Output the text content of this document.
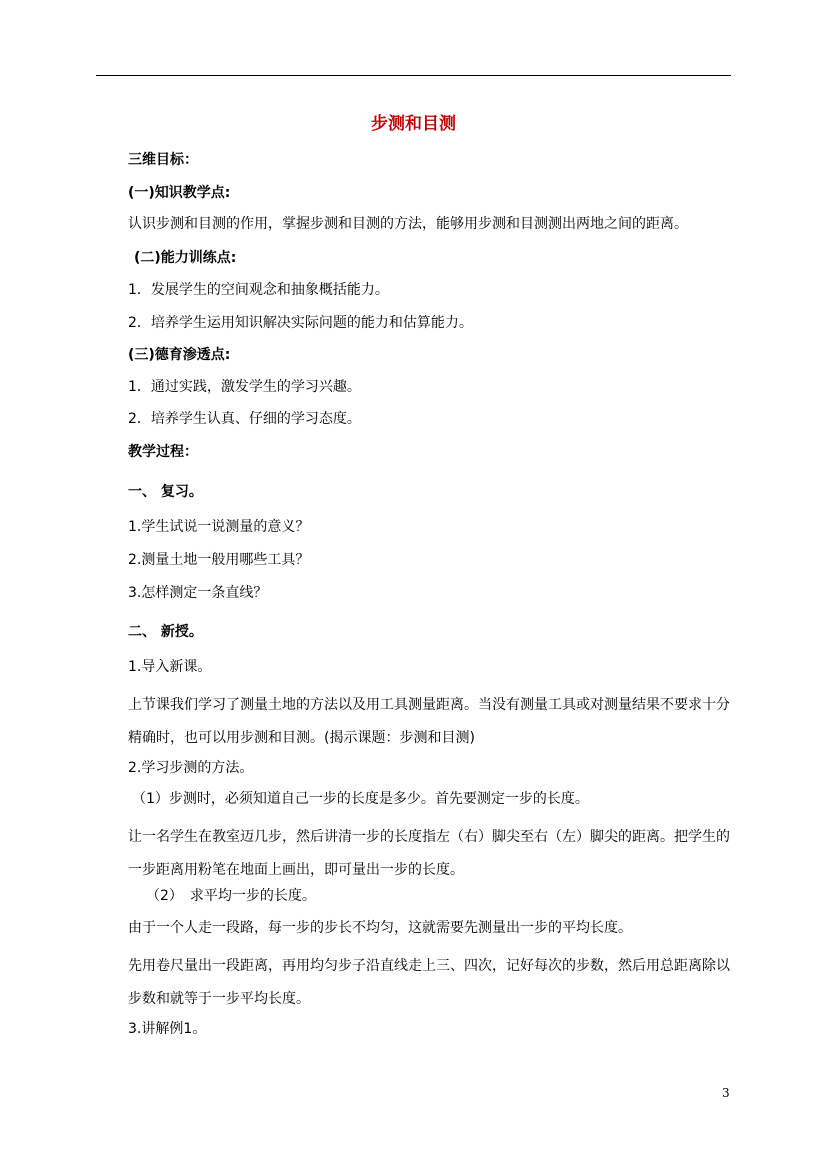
步测和目测
三维目标：
(一)知识教学点:
认识步测和目测的作用，掌握步测和目测的方法，能够用步测和目测测出两地之间的距离。
(二)能力训练点:
1．发展学生的空间观念和抽象概括能力。
2．培养学生运用知识解决实际问题的能力和估算能力。
(三)德育渗透点:
1．通过实践，激发学生的学习兴趣。
2．培养学生认真、仔细的学习态度。
教学过程：
一、 复习。
1.学生试说一说测量的意义？
2.测量土地一般用哪些工具？
3.怎样测定一条直线？
二、 新授。
1.导入新课。
上节课我们学习了测量土地的方法以及用工具测量距离。当没有测量工具或对测量结果不要求十分精确时，也可以用步测和目测。(揭示课题：步测和目测)
2.学习步测的方法。
（1）步测时，必须知道自己一步的长度是多少。首先要测定一步的长度。
让一名学生在教室迈几步，然后讲清一步的长度指左（右）脚尖至右（左）脚尖的距离。把学生的一步距离用粉笔在地面上画出，即可量出一步的长度。
（2）　求平均一步的长度。
由于一个人走一段路，每一步的步长不均匀，这就需要先测量出一步的平均长度。
先用卷尺量出一段距离，再用均匀步子沿直线走上三、四次，记好每次的步数，然后用总距离除以步数和就等于一步平均长度。
3.讲解例1。
3
